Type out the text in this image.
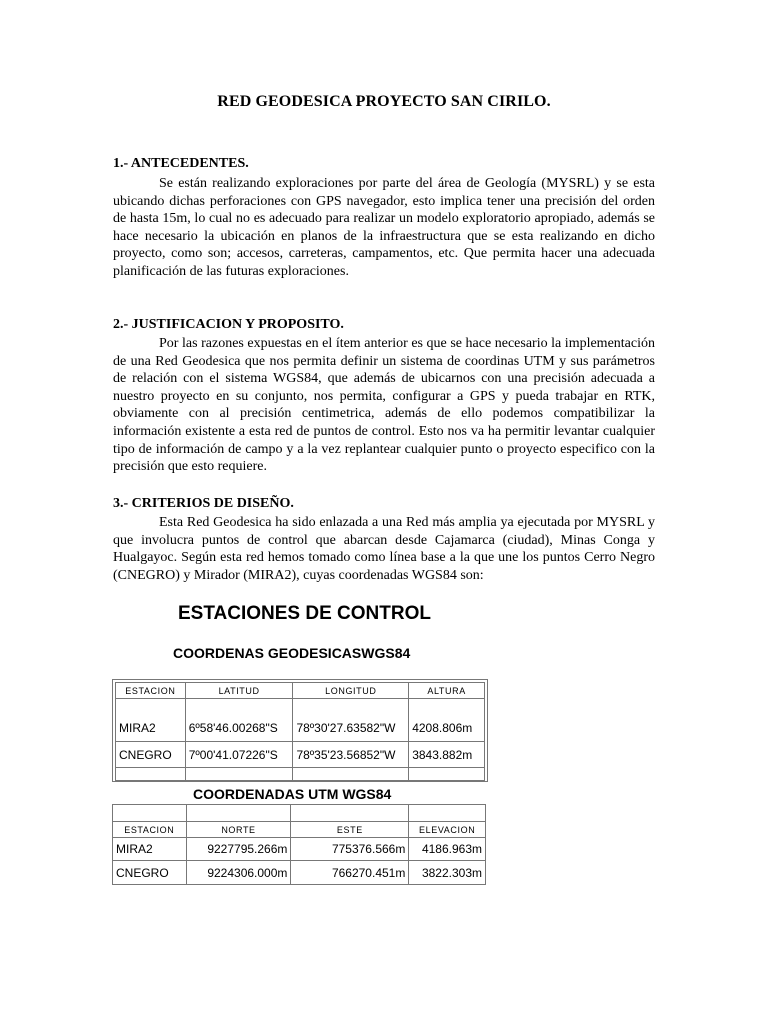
RED GEODESICA PROYECTO SAN CIRILO.
1.- ANTECEDENTES.

Se están realizando exploraciones por parte del área de Geología (MYSRL) y se esta ubicando dichas perforaciones con GPS navegador, esto implica tener una precisión del orden de hasta 15m, lo cual no es adecuado para realizar un modelo exploratorio apropiado, además se hace necesario la ubicación en planos de la infraestructura que se esta realizando en dicho proyecto, como son; accesos, carreteras, campamentos, etc. Que permita hacer una adecuada planificación de las futuras exploraciones.

2.- JUSTIFICACION Y PROPOSITO.

Por las razones expuestas en el ítem anterior es que se hace necesario la implementación de una Red Geodesica que nos permita definir un sistema de coordinas UTM y sus parámetros de relación con el sistema WGS84, que además de ubicarnos con una precisión adecuada a nuestro proyecto en su conjunto, nos permita, configurar a GPS y pueda trabajar en RTK, obviamente con al precisión centimetrica, además de ello podemos compatibilizar la información existente a esta red de puntos de control. Esto nos va ha permitir levantar cualquier tipo de información de campo y a la vez replantear cualquier punto o proyecto especifico con la precisión que esto requiere.

3.- CRITERIOS DE DISEÑO.

Esta Red Geodesica ha sido enlazada a una Red más amplia ya ejecutada por MYSRL y que involucra puntos de control que abarcan desde Cajamarca (ciudad), Minas Conga y Hualgayoc. Según esta red hemos tomado como línea base a la que une los puntos Cerro Negro (CNEGRO) y Mirador (MIRA2), cuyas coordenadas WGS84 son:

ESTACIONES DE CONTROL
COORDENAS GEODESICASWGS84
ESTACION	LATITUD	LONGITUD	ALTURA
MIRA2	6º58'46.00268"S	78º30'27.63582"W	4208.806m
CNEGRO	7º00'41.07226"S	78º35'23.56852"W	3843.882m

COORDENADAS UTM WGS84

ESTACION	NORTE	ESTE	ELEVACION
MIRA2	9227795.266m	775376.566m	4186.963m
CNEGRO	9224306.000m	766270.451m	3822.303m
